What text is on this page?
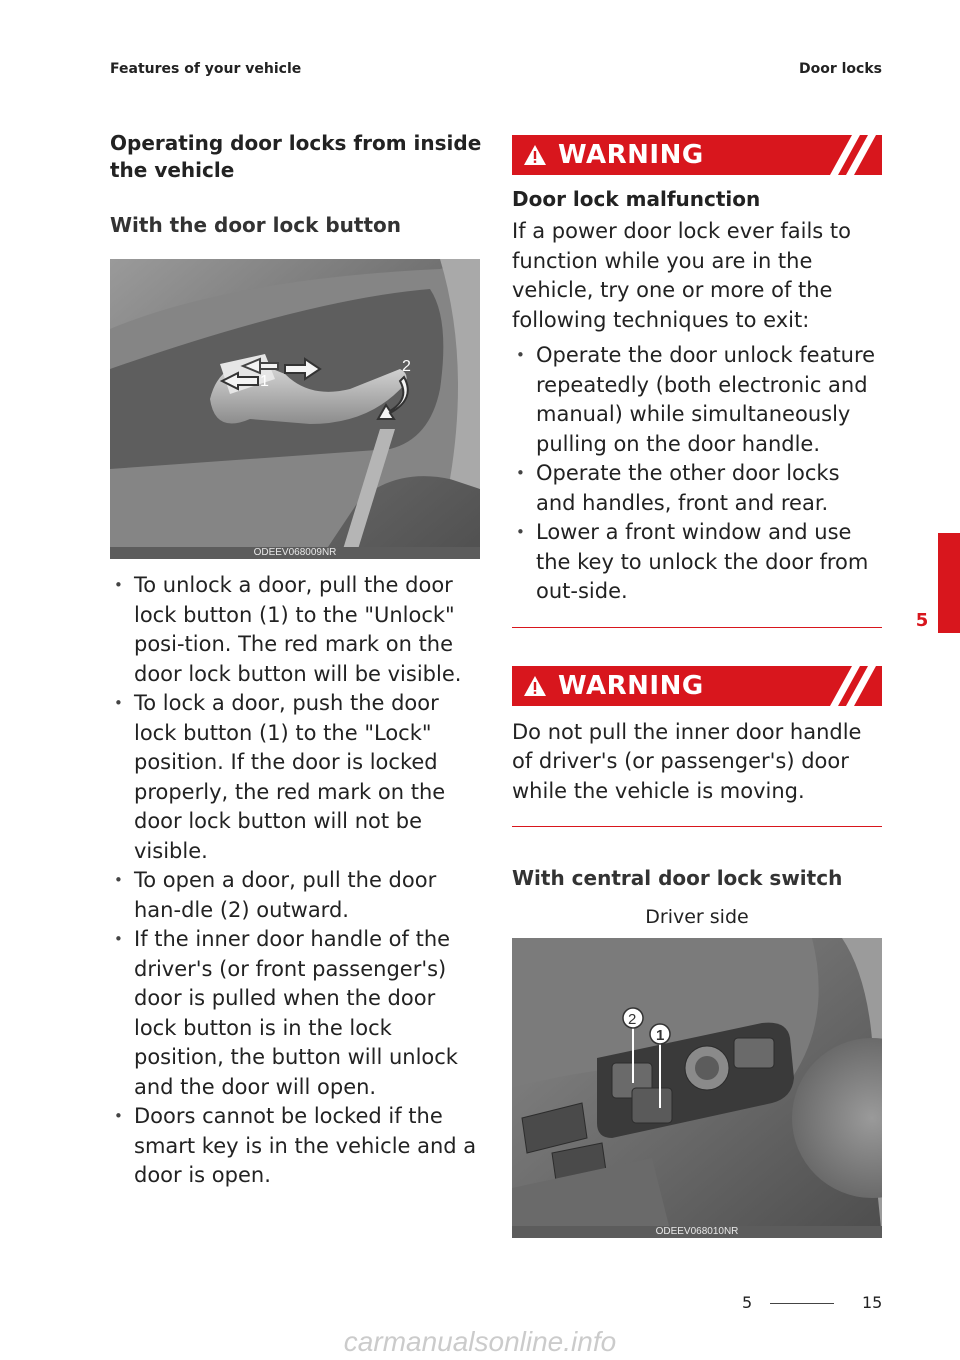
Features of your vehicle	Door locks
Operating door locks from inside
the vehicle
With the door lock button
1
2
ODEEV068009NR
• To unlock a door, pull the door lock button (1) to the "Unlock" posi-tion. The red mark on the door lock button will be visible.
• To lock a door, push the door lock button (1) to the "Lock" position. If the door is locked properly, the red mark on the door lock button will not be visible.
• To open a door, pull the door han-dle (2) outward.
• If the inner door handle of the driver's (or front passenger's) door is pulled when the door lock button is in the lock position, the button will unlock and the door will open.
• Doors cannot be locked if the smart key is in the vehicle and a door is open.
WARNING
Door lock malfunction

If a power door lock ever fails to function while you are in the vehicle, try one or more of the following techniques to exit:

• Operate the door unlock feature repeatedly (both electronic and manual) while simultaneously pulling on the door handle.
• Operate the other door locks and handles, front and rear.
• Lower a front window and use the key to unlock the door from out-side.
WARNING

Do not pull the inner door handle of driver's (or passenger's) door while the vehicle is moving.

With central door lock switch
Driver side
2
1
ODEEV068010NR
5
5	15
carmanualsonline.info
